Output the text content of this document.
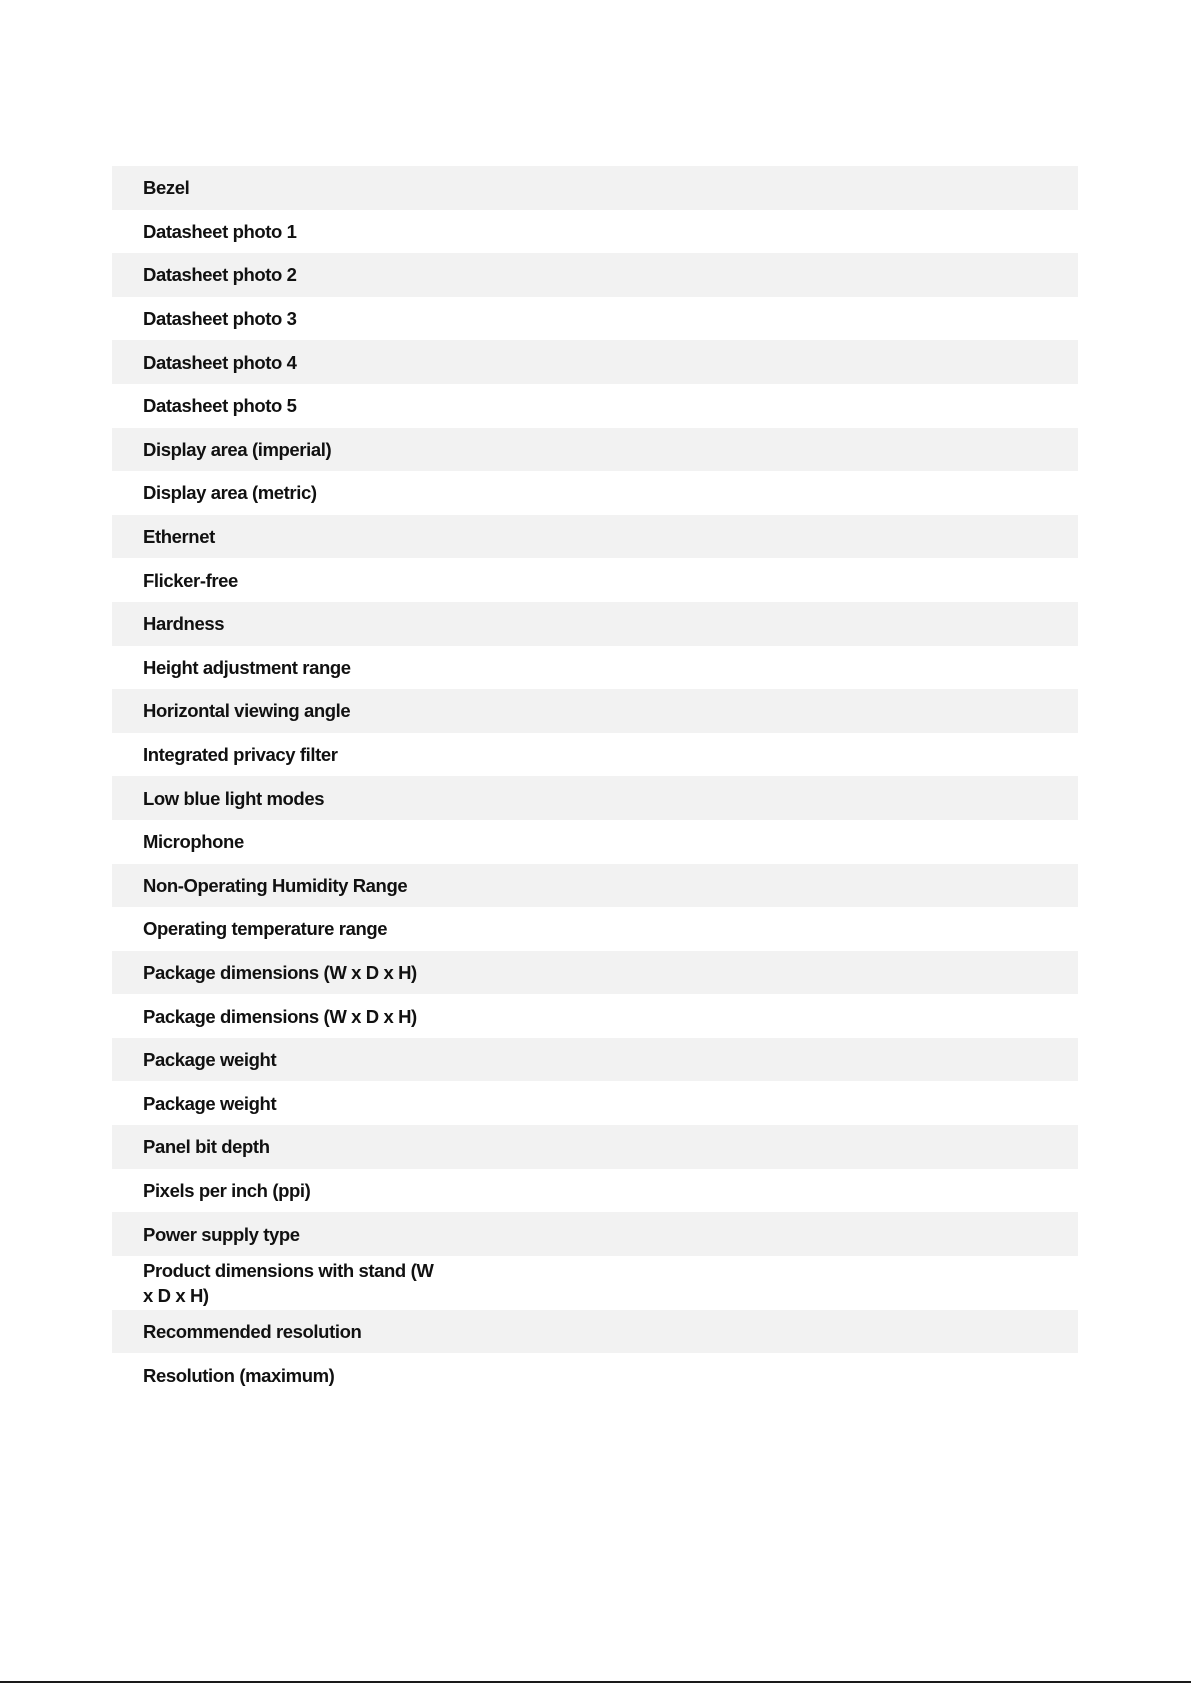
Bezel
Datasheet photo 1
Datasheet photo 2
Datasheet photo 3
Datasheet photo 4
Datasheet photo 5
Display area (imperial)
Display area (metric)
Ethernet
Flicker-free
Hardness
Height adjustment range
Horizontal viewing angle
Integrated privacy filter
Low blue light modes
Microphone
Non-Operating Humidity Range
Operating temperature range
Package dimensions (W x D x H)
Package dimensions (W x D x H)
Package weight
Package weight
Panel bit depth
Pixels per inch (ppi)
Power supply type
Product dimensions with stand (W x D x H)
Recommended resolution
Resolution (maximum)
